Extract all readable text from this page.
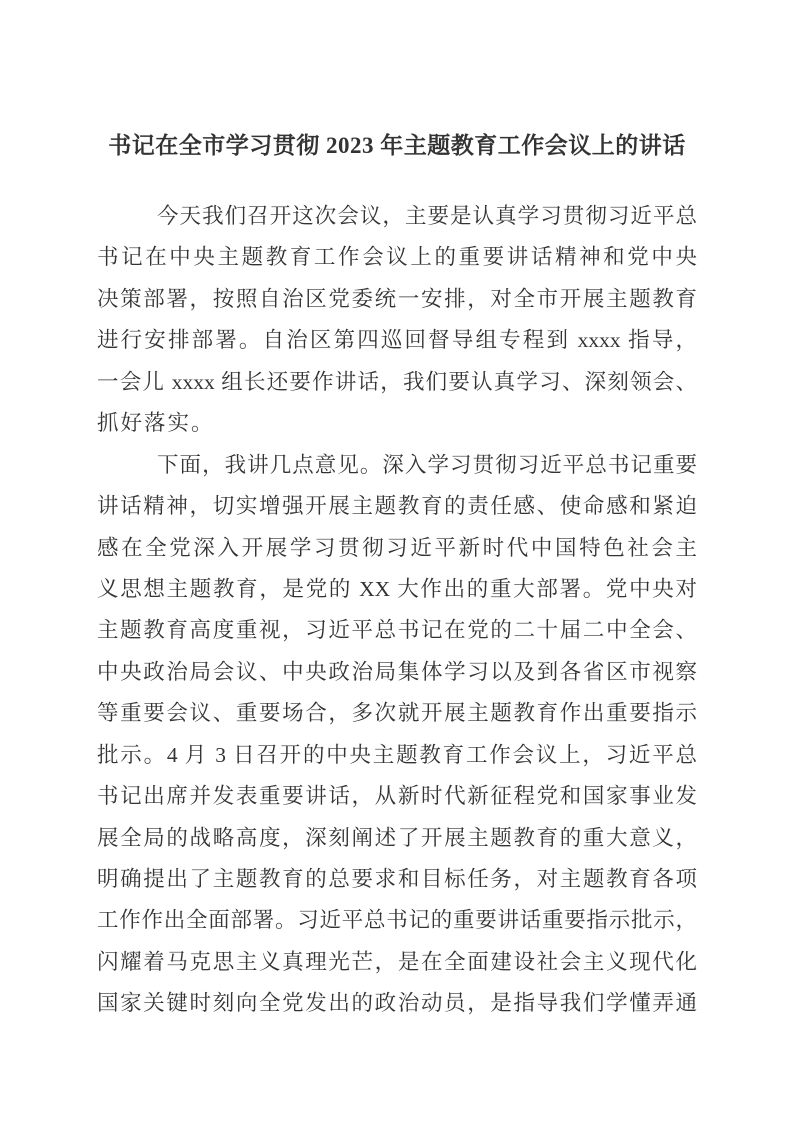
书记在全市学习贯彻 2023 年主题教育工作会议上的讲话
今天我们召开这次会议，主要是认真学习贯彻习近平总
书记在中央主题教育工作会议上的重要讲话精神和党中央
决策部署，按照自治区党委统一安排，对全市开展主题教育
进行安排部署。自治区第四巡回督导组专程到 xxxx 指导，
一会儿 xxxx 组长还要作讲话，我们要认真学习、深刻领会、
抓好落实。
下面，我讲几点意见。深入学习贯彻习近平总书记重要
讲话精神，切实增强开展主题教育的责任感、使命感和紧迫
感在全党深入开展学习贯彻习近平新时代中国特色社会主
义思想主题教育，是党的 XX 大作出的重大部署。党中央对
主题教育高度重视，习近平总书记在党的二十届二中全会、
中央政治局会议、中央政治局集体学习以及到各省区市视察
等重要会议、重要场合，多次就开展主题教育作出重要指示
批示。4 月 3 日召开的中央主题教育工作会议上，习近平总
书记出席并发表重要讲话，从新时代新征程党和国家事业发
展全局的战略高度，深刻阐述了开展主题教育的重大意义，
明确提出了主题教育的总要求和目标任务，对主题教育各项
工作作出全面部署。习近平总书记的重要讲话重要指示批示，
闪耀着马克思主义真理光芒，是在全面建设社会主义现代化
国家关键时刻向全党发出的政治动员，是指导我们学懂弄通
